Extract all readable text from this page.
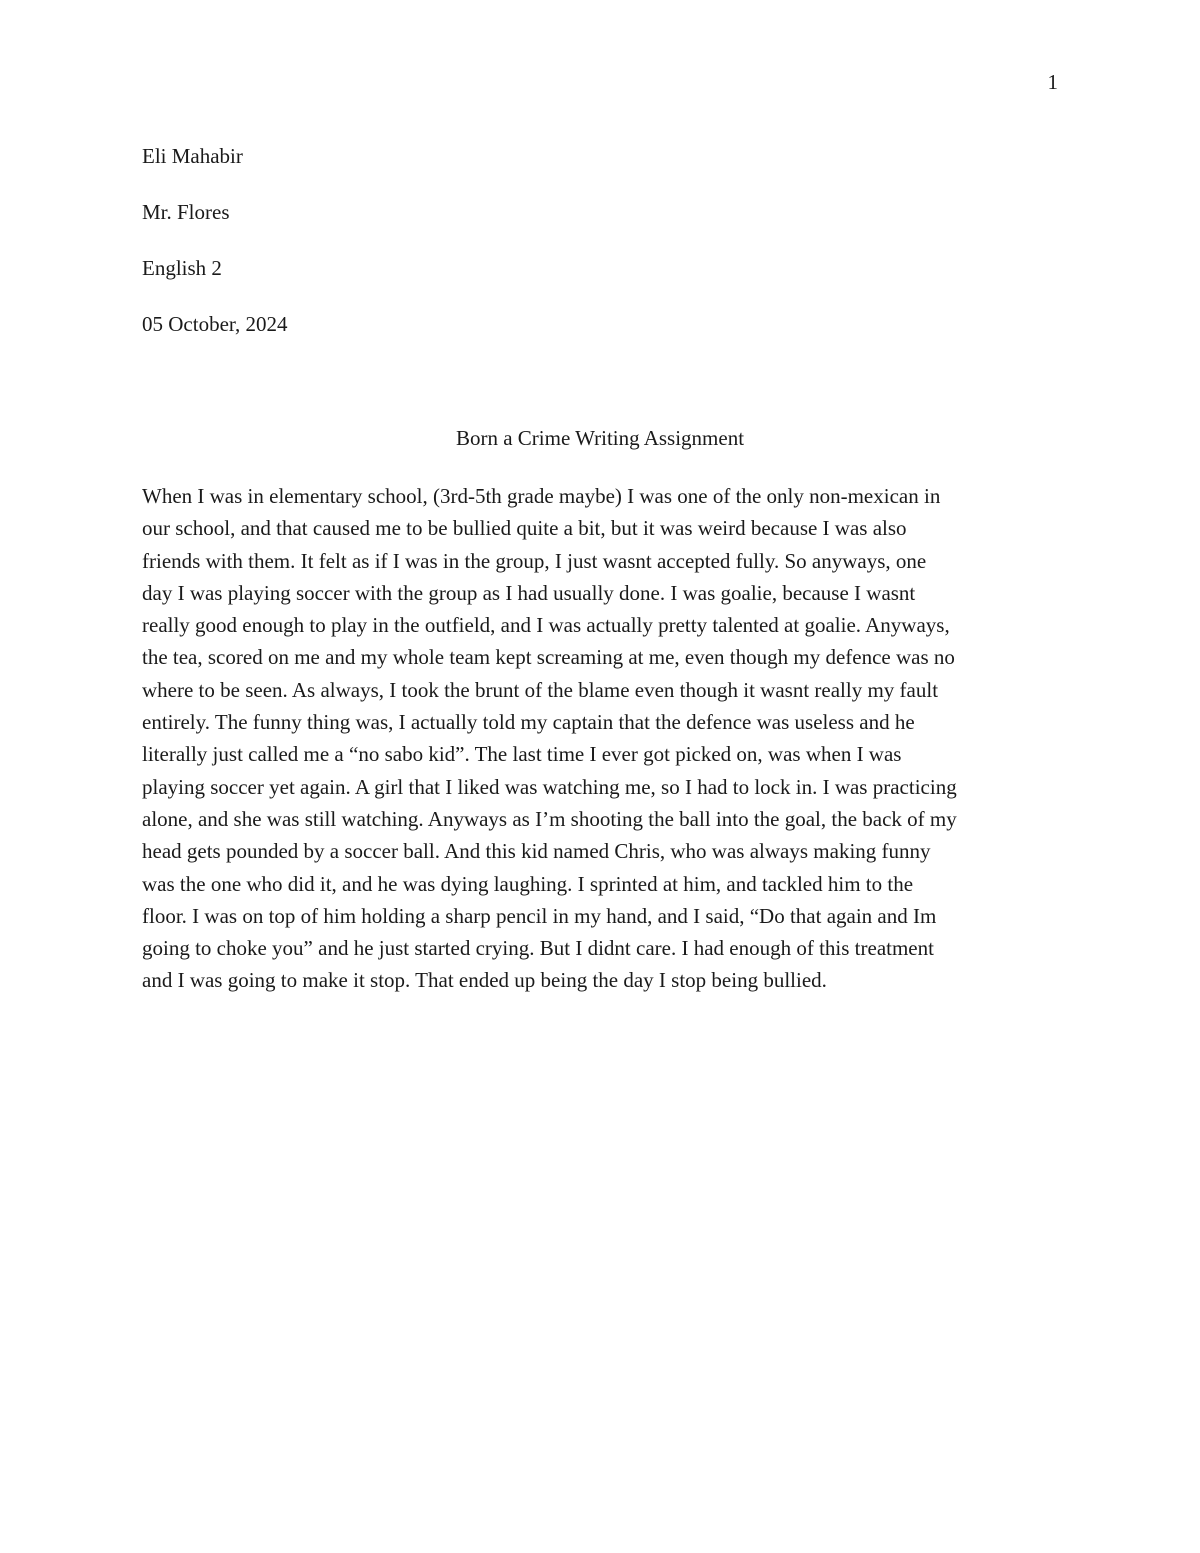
1
Eli Mahabir
Mr. Flores
English 2
05 October, 2024
Born a Crime Writing Assignment
When I was in elementary school, (3rd-5th grade maybe) I was one of the only non-mexican in
our school, and that caused me to be bullied quite a bit, but it was weird because I was also
friends with them. It felt as if I was in the group, I just wasnt accepted fully. So anyways, one
day I was playing soccer with the group as I had usually done. I was goalie, because I wasnt
really good enough to play in the outfield, and I was actually pretty talented at goalie. Anyways,
the tea, scored on me and my whole team kept screaming at me, even though my defence was no
where to be seen. As always, I took the brunt of the blame even though it wasnt really my fault
entirely. The funny thing was, I actually told my captain that the defence was useless and he
literally just called me a “no sabo kid”. The last time I ever got picked on, was when I was
playing soccer yet again. A girl that I liked was watching me, so I had to lock in. I was practicing
alone, and she was still watching. Anyways as I’m shooting the ball into the goal, the back of my
head gets pounded by a soccer ball. And this kid named Chris, who was always making funny
was the one who did it, and he was dying laughing. I sprinted at him, and tackled him to the
floor. I was on top of him holding a sharp pencil in my hand, and I said, “Do that again and Im
going to choke you” and he just started crying. But I didnt care. I had enough of this treatment
and I was going to make it stop. That ended up being the day I stop being bullied.
